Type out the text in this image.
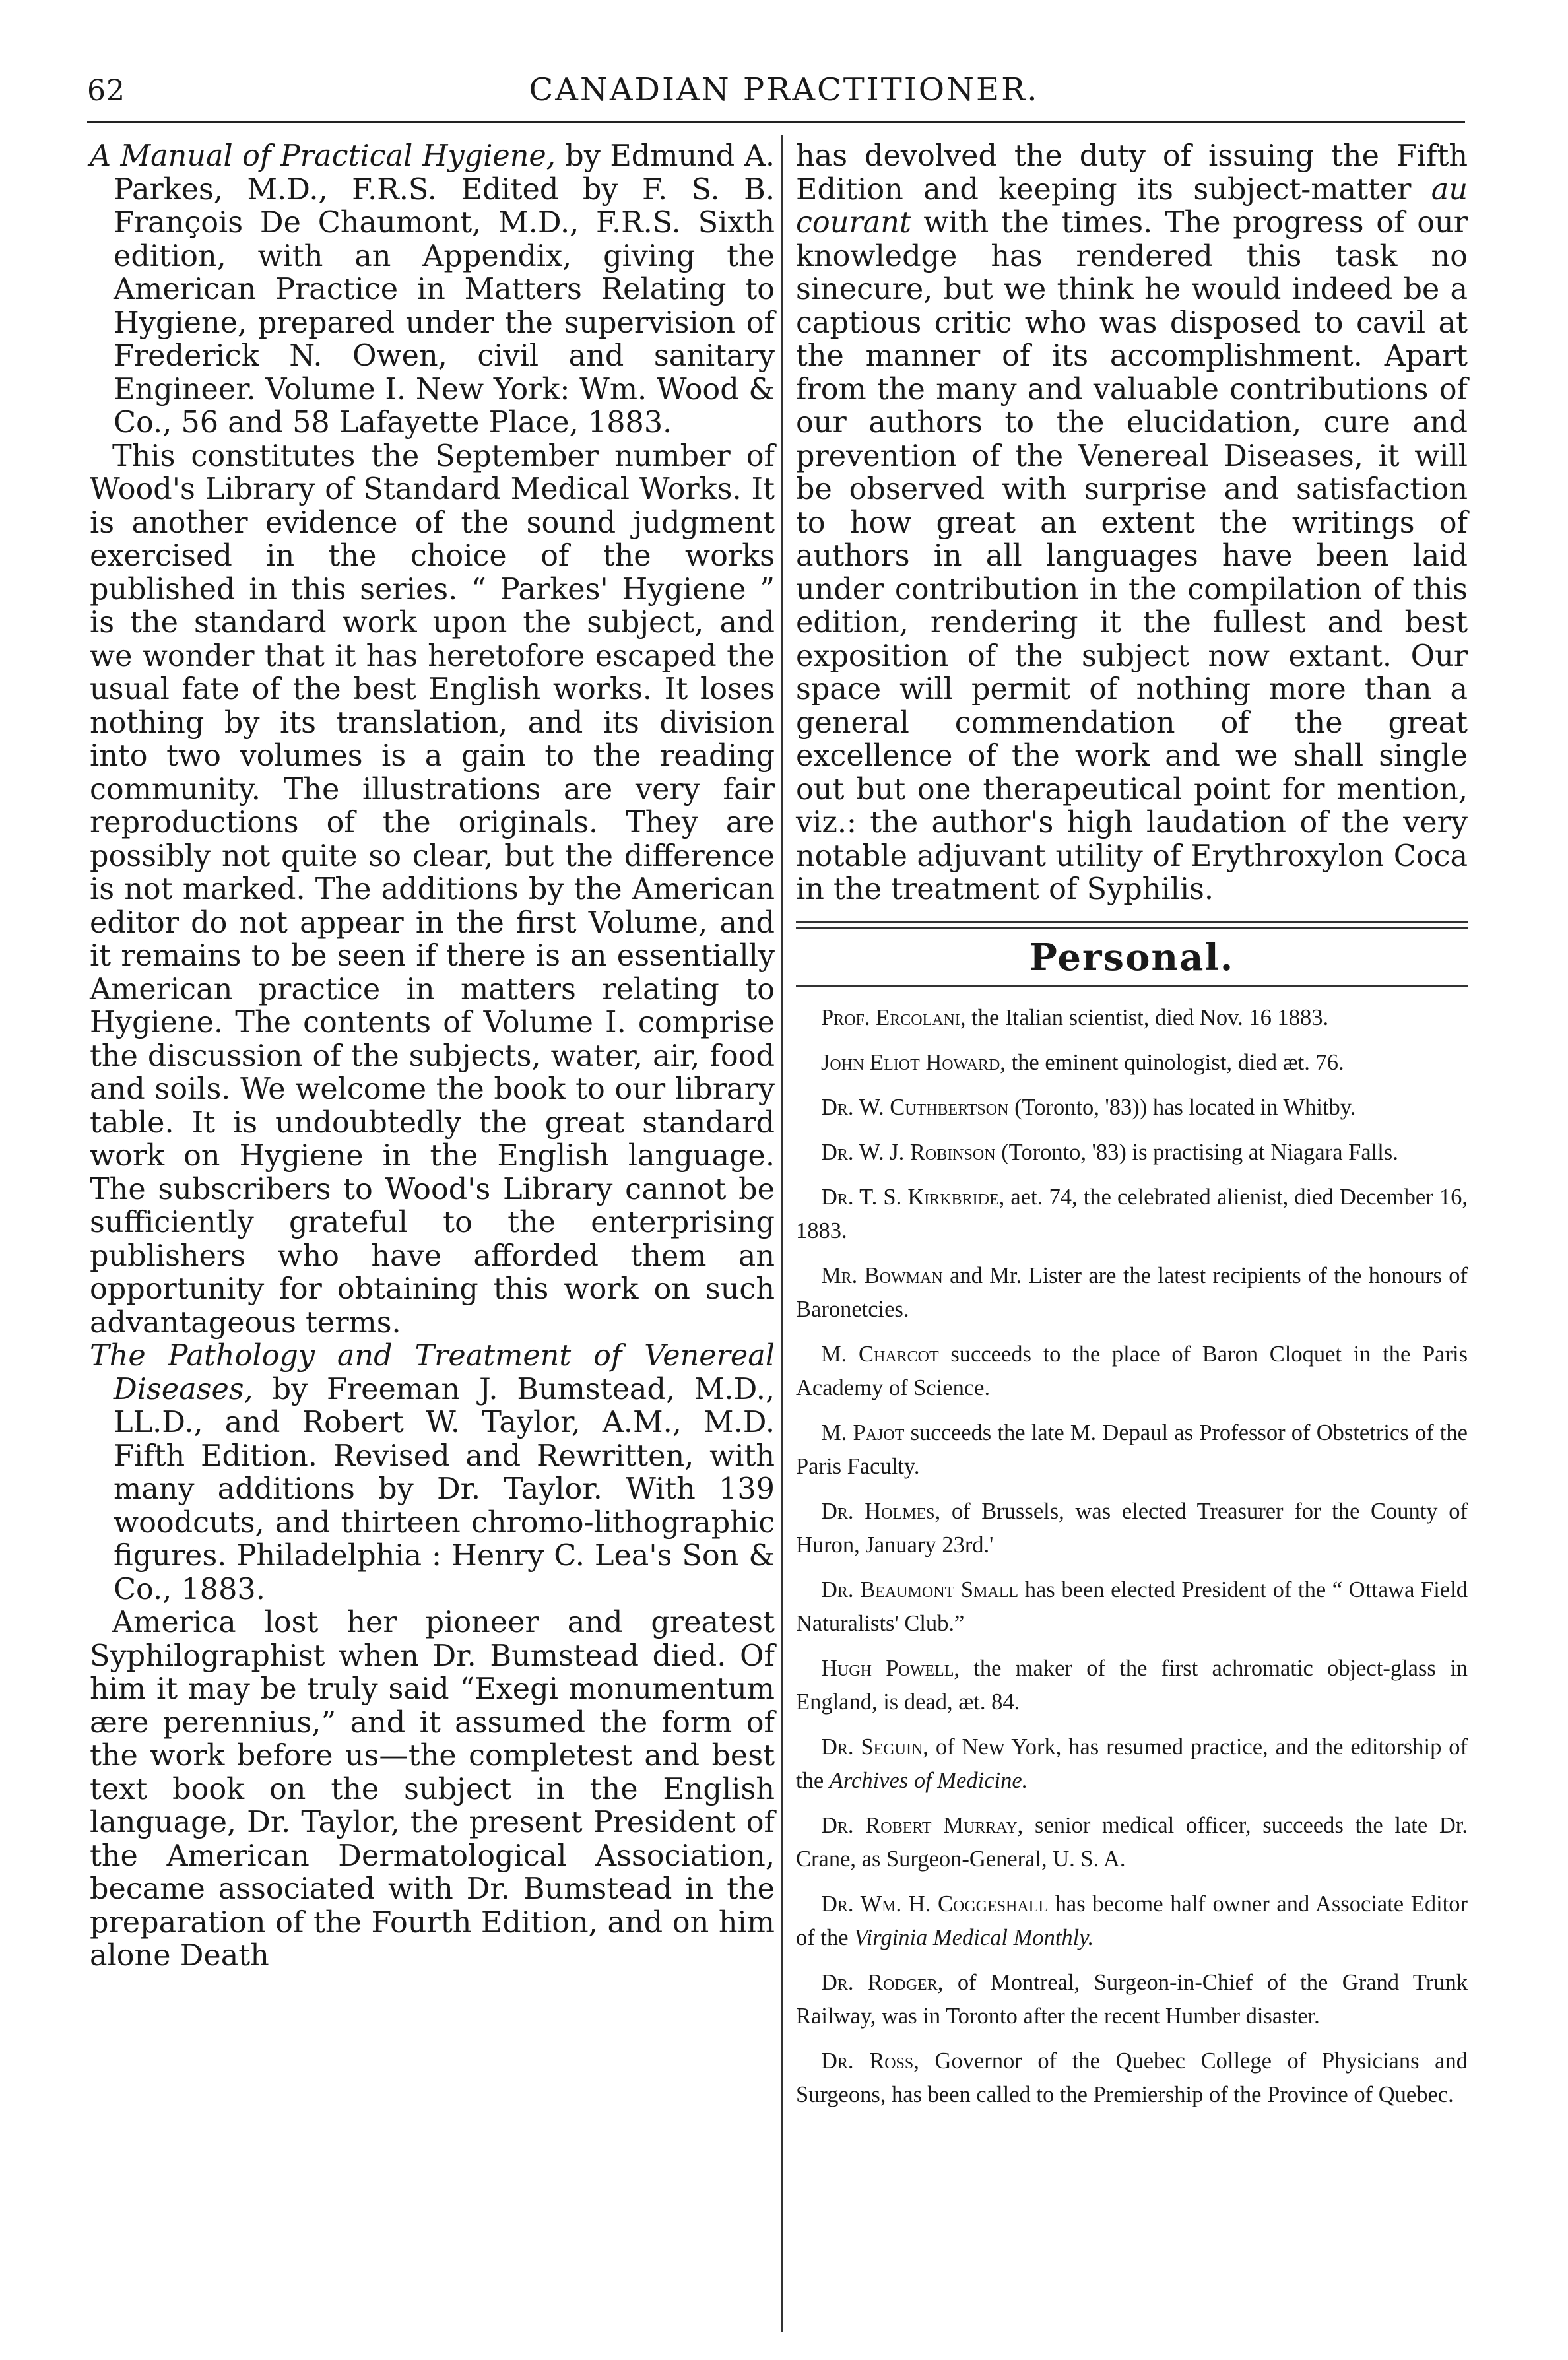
62	CANADIAN PRACTITIONER.

A Manual of Practical Hygiene, by Edmund A. Parkes, M.D., F.R.S. Edited by F. S. B. François De Chaumont, M.D., F.R.S. Sixth edition, with an Appendix, giving the American Practice in Matters Relating to Hygiene, prepared under the supervision of Frederick N. Owen, civil and sanitary Engineer. Volume I. New York: Wm. Wood & Co., 56 and 58 Lafayette Place, 1883.

This constitutes the September number of Wood's Library of Standard Medical Works. It is another evidence of the sound judgment exercised in the choice of the works published in this series. “ Parkes' Hygiene ” is the standard work upon the subject, and we wonder that it has heretofore escaped the usual fate of the best English works. It loses nothing by its translation, and its division into two volumes is a gain to the reading community. The illustrations are very fair reproductions of the originals. They are possibly not quite so clear, but the difference is not marked. The additions by the American editor do not appear in the first Volume, and it remains to be seen if there is an essentially American practice in matters relating to Hygiene. The contents of Volume I. comprise the discussion of the subjects, water, air, food and soils. We welcome the book to our library table. It is undoubtedly the great standard work on Hygiene in the English language. The subscribers to Wood's Library cannot be sufficiently grateful to the enterprising publishers who have afforded them an opportunity for obtaining this work on such advantageous terms.

The Pathology and Treatment of Venereal Diseases, by Freeman J. Bumstead, M.D., LL.D., and Robert W. Taylor, A.M., M.D. Fifth Edition. Revised and Rewritten, with many additions by Dr. Taylor. With 139 woodcuts, and thirteen chromo-lithographic figures. Philadelphia : Henry C. Lea's Son & Co., 1883.

America lost her pioneer and greatest Syphilographist when Dr. Bumstead died. Of him it may be truly said “Exegi monumentum ære perennius,” and it assumed the form of the work before us—the completest and best text book on the subject in the English language, Dr. Taylor, the present President of the American Dermatological Association, became associated with Dr. Bumstead in the preparation of the Fourth Edition, and on him alone Death

has devolved the duty of issuing the Fifth Edition and keeping its subject-matter au courant with the times. The progress of our knowledge has rendered this task no sinecure, but we think he would indeed be a captious critic who was disposed to cavil at the manner of its accomplishment. Apart from the many and valuable contributions of our authors to the elucidation, cure and prevention of the Venereal Diseases, it will be observed with surprise and satisfaction to how great an extent the writings of authors in all languages have been laid under contribution in the compilation of this edition, rendering it the fullest and best exposition of the subject now extant. Our space will permit of nothing more than a general commendation of the great excellence of the work and we shall single out but one therapeutical point for mention, viz.: the author's high laudation of the very notable adjuvant utility of Erythroxylon Coca in the treatment of Syphilis.

Personal.

Prof. Ercolani, the Italian scientist, died Nov. 16 1883.

John Eliot Howard, the eminent quinologist, died æt. 76.

Dr. W. Cuthbertson (Toronto, '83)) has located in Whitby.

Dr. W. J. Robinson (Toronto, '83) is practising at Niagara Falls.

Dr. T. S. Kirkbride, aet. 74, the celebrated alienist, died December 16, 1883.

Mr. Bowman and Mr. Lister are the latest recipients of the honours of Baronetcies.

M. Charcot succeeds to the place of Baron Cloquet in the Paris Academy of Science.

M. Pajot succeeds the late M. Depaul as Professor of Obstetrics of the Paris Faculty.

Dr. Holmes, of Brussels, was elected Treasurer for the County of Huron, January 23rd.'

Dr. Beaumont Small has been elected President of the “ Ottawa Field Naturalists' Club.”

Hugh Powell, the maker of the first achromatic object-glass in England, is dead, æt. 84.

Dr. Seguin, of New York, has resumed practice, and the editorship of the Archives of Medicine.

Dr. Robert Murray, senior medical officer, succeeds the late Dr. Crane, as Surgeon-General, U. S. A.

Dr. Wm. H. Coggeshall has become half owner and Associate Editor of the Virginia Medical Monthly.

Dr. Rodger, of Montreal, Surgeon-in-Chief of the Grand Trunk Railway, was in Toronto after the recent Humber disaster.

Dr. Ross, Governor of the Quebec College of Physicians and Surgeons, has been called to the Premiership of the Province of Quebec.
